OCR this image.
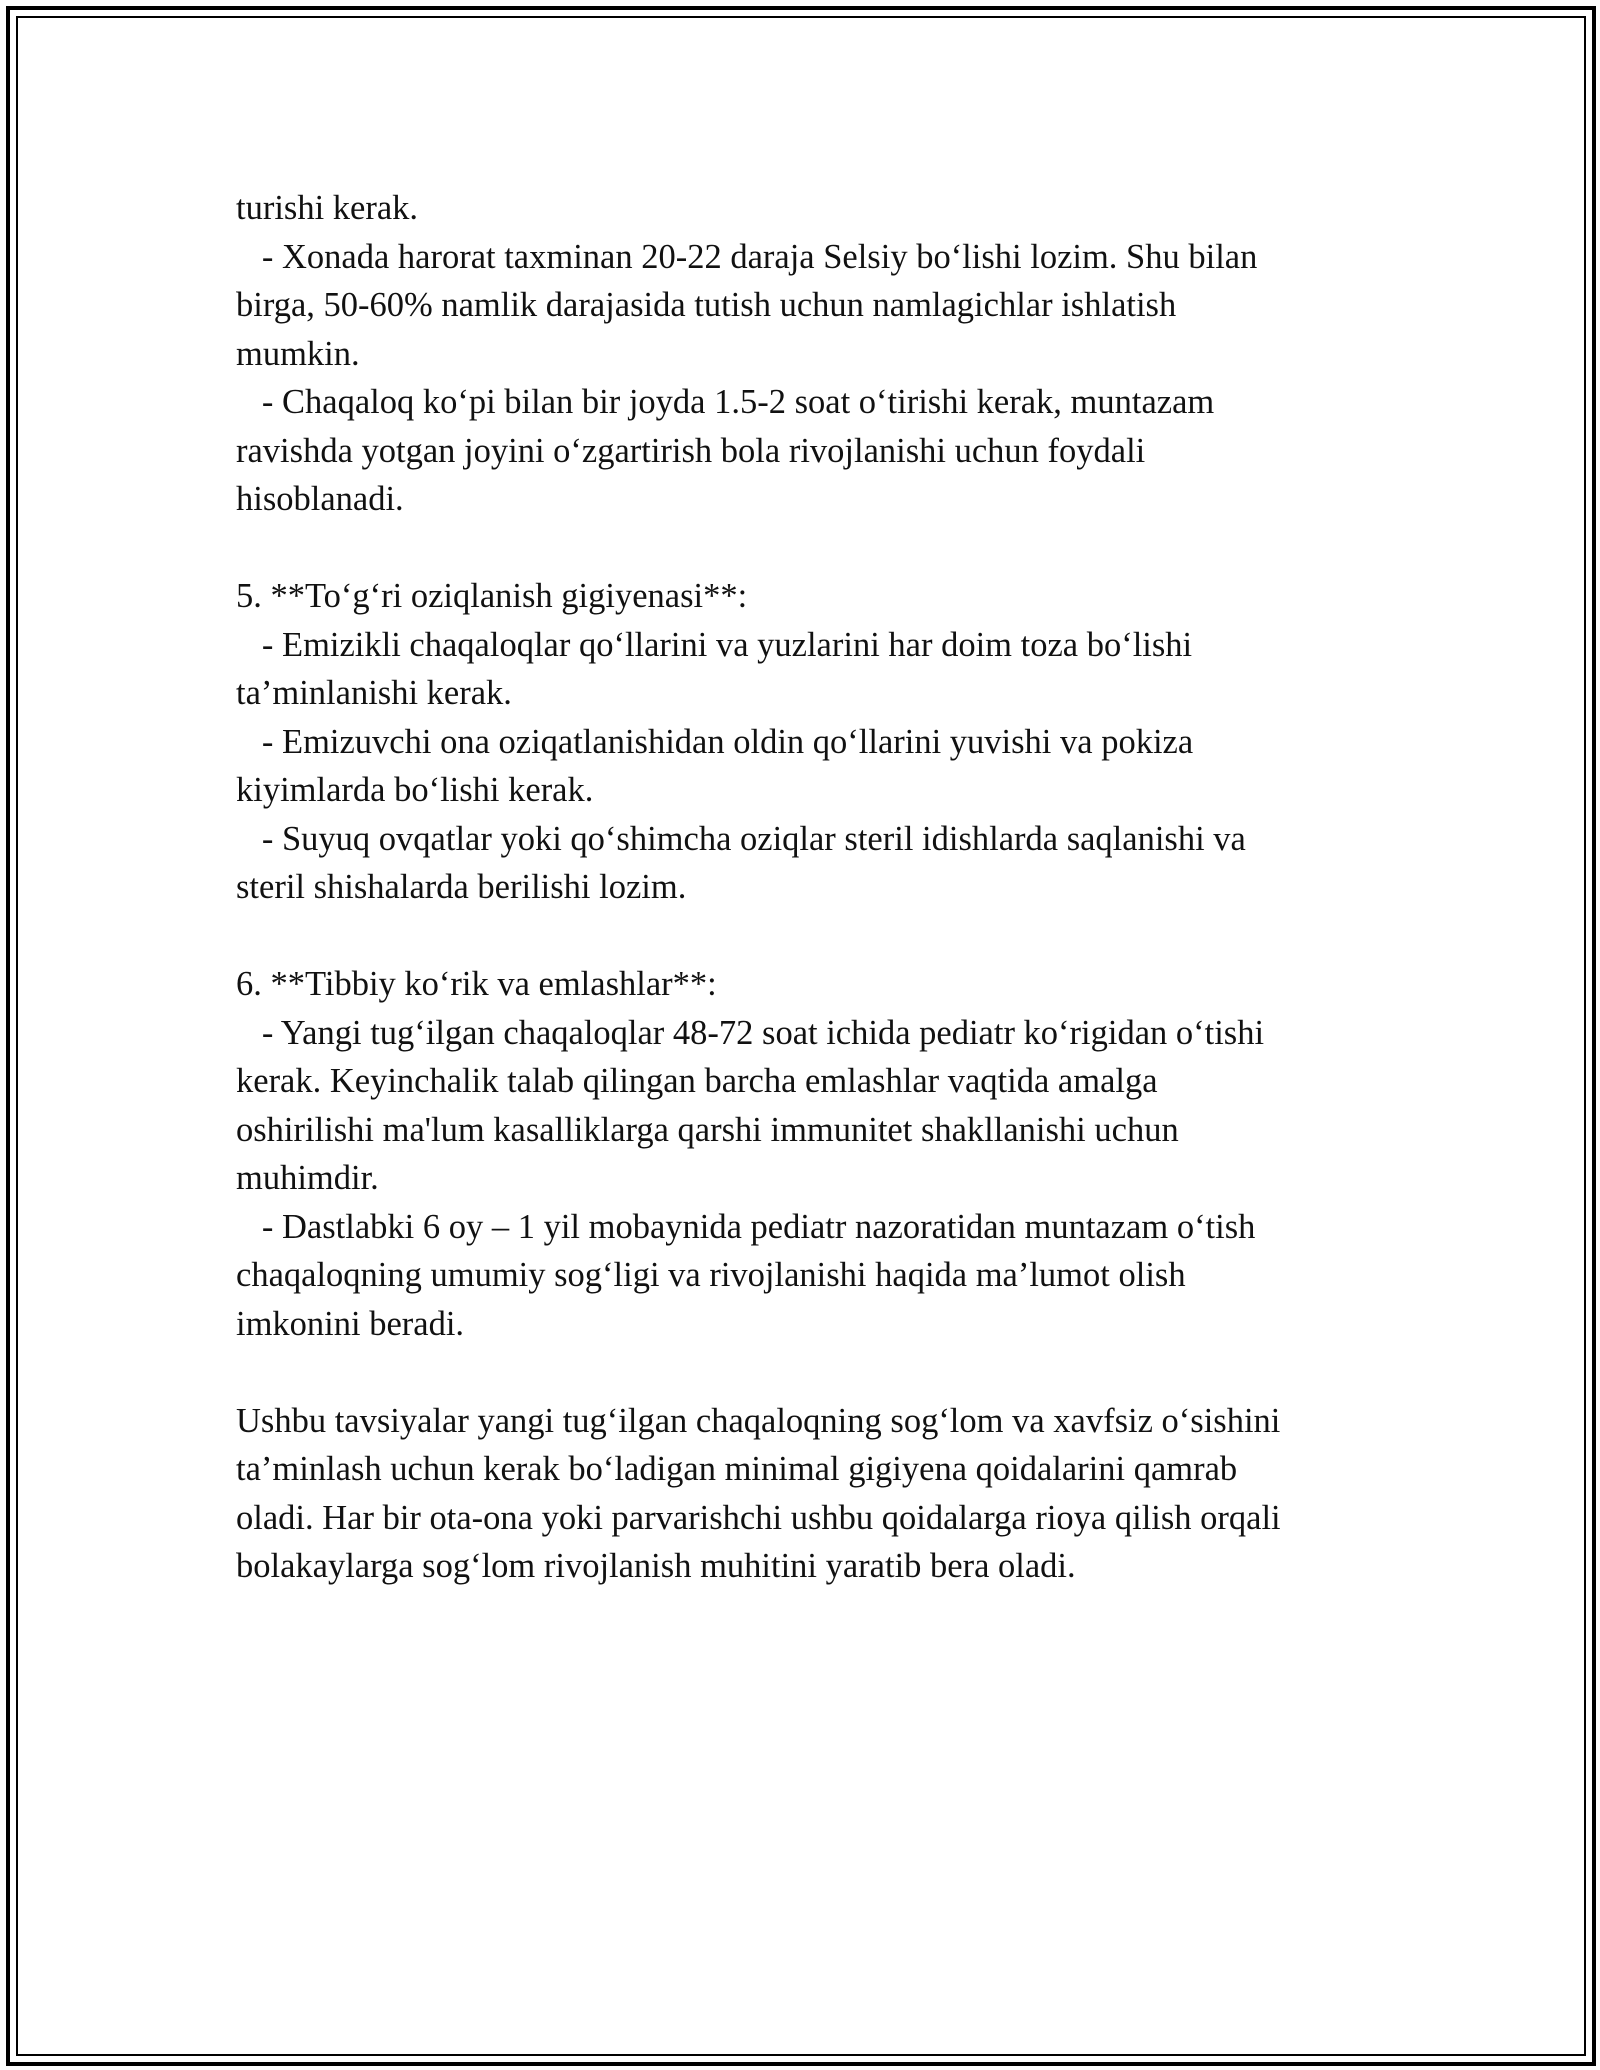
turishi kerak.

- Xonada harorat taxminan 20-22 daraja Selsiy bo‘lishi lozim. Shu bilan

birga, 50-60% namlik darajasida tutish uchun namlagichlar ishlatish

mumkin.

- Chaqaloq ko‘pi bilan bir joyda 1.5-2 soat o‘tirishi kerak, muntazam

ravishda yotgan joyini o‘zgartirish bola rivojlanishi uchun foydali

hisoblanadi.

5. **To‘g‘ri oziqlanish gigiyenasi**:

- Emizikli chaqaloqlar qo‘llarini va yuzlarini har doim toza bo‘lishi

ta’minlanishi kerak.

- Emizuvchi ona oziqatlanishidan oldin qo‘llarini yuvishi va pokiza

kiyimlarda bo‘lishi kerak.

- Suyuq ovqatlar yoki qo‘shimcha oziqlar steril idishlarda saqlanishi va

steril shishalarda berilishi lozim.

6. **Tibbiy ko‘rik va emlashlar**:

- Yangi tug‘ilgan chaqaloqlar 48-72 soat ichida pediatr ko‘rigidan o‘tishi

kerak. Keyinchalik talab qilingan barcha emlashlar vaqtida amalga

oshirilishi ma'lum kasalliklarga qarshi immunitet shakllanishi uchun

muhimdir.

- Dastlabki 6 oy – 1 yil mobaynida pediatr nazoratidan muntazam o‘tish

chaqaloqning umumiy sog‘ligi va rivojlanishi haqida ma’lumot olish

imkonini beradi.

Ushbu tavsiyalar yangi tug‘ilgan chaqaloqning sog‘lom va xavfsiz o‘sishini

ta’minlash uchun kerak bo‘ladigan minimal gigiyena qoidalarini qamrab

oladi. Har bir ota-ona yoki parvarishchi ushbu qoidalarga rioya qilish orqali

bolakaylarga sog‘lom rivojlanish muhitini yaratib bera oladi.
